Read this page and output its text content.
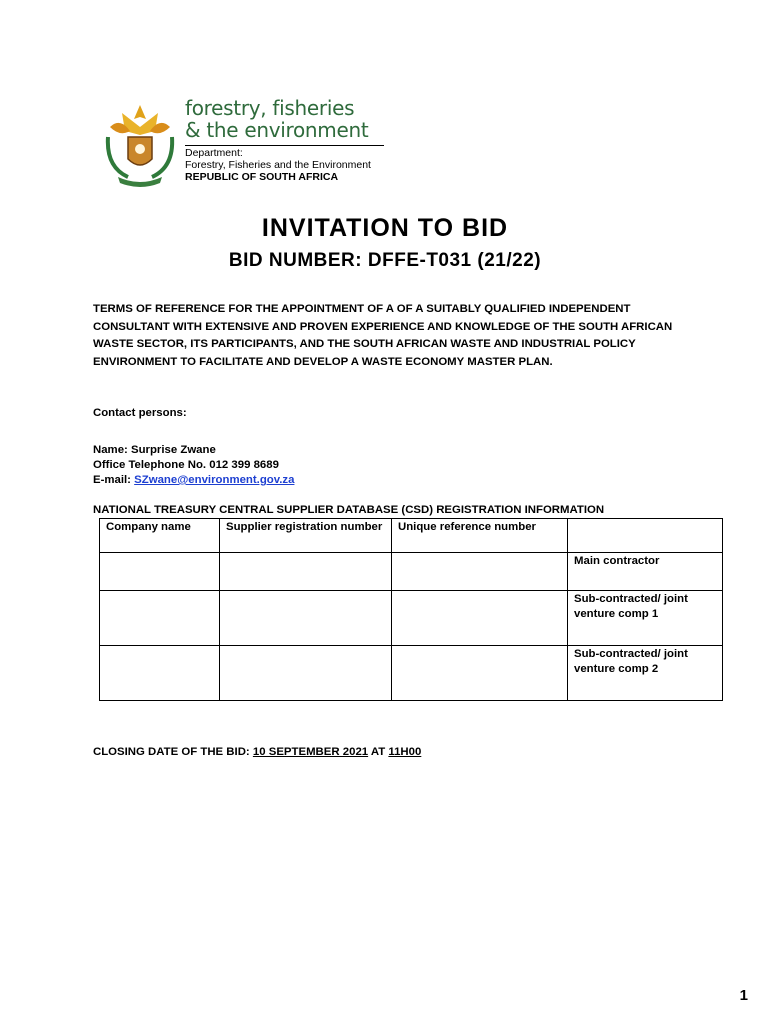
forestry, fisheries
& the environment
Department:
Forestry, Fisheries and the Environment
REPUBLIC OF SOUTH AFRICA
INVITATION TO BID
BID NUMBER: DFFE-T031 (21/22)
TERMS OF REFERENCE FOR THE APPOINTMENT OF A OF A SUITABLY QUALIFIED INDEPENDENT CONSULTANT WITH EXTENSIVE AND PROVEN EXPERIENCE AND KNOWLEDGE OF THE SOUTH AFRICAN WASTE SECTOR, ITS PARTICIPANTS, AND THE SOUTH AFRICAN WASTE AND INDUSTRIAL POLICY ENVIRONMENT TO FACILITATE AND DEVELOP A WASTE ECONOMY MASTER PLAN.
Contact persons:
Name: Surprise Zwane
Office Telephone No. 012 399 8689
E-mail: SZwane@environment.gov.za
NATIONAL TREASURY CENTRAL SUPPLIER DATABASE (CSD) REGISTRATION INFORMATION
Company name	Supplier registration number	Unique reference number	
			Main contractor
			Sub-contracted/ joint venture comp 1
			Sub-contracted/ joint venture comp 2
CLOSING DATE OF THE BID: 10 SEPTEMBER 2021 AT 11H00
1
